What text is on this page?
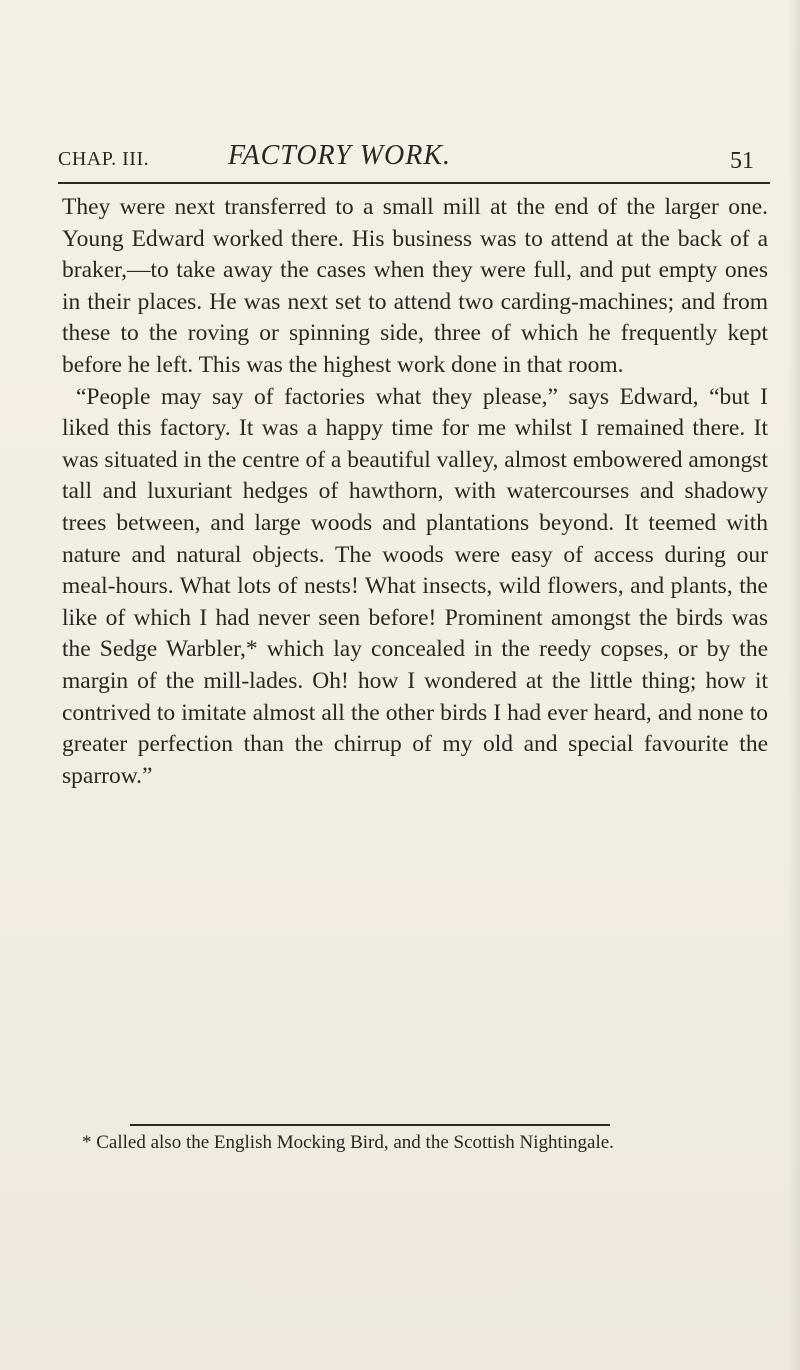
CHAP. III.	FACTORY WORK.	51

They were next transferred to a small mill at the end of the larger one. Young Edward worked there. His business was to attend at the back of a braker,—to take away the cases when they were full, and put empty ones in their places. He was next set to attend two carding-machines; and from these to the roving or spinning side, three of which he frequently kept before he left. This was the highest work done in that room.

“People may say of factories what they please,” says Edward, “but I liked this factory. It was a happy time for me whilst I remained there. It was situated in the centre of a beautiful valley, almost embowered amongst tall and luxuriant hedges of hawthorn, with watercourses and shadowy trees between, and large woods and plantations beyond. It teemed with nature and natural objects. The woods were easy of access during our meal-hours. What lots of nests! What insects, wild flowers, and plants, the like of which I had never seen before! Prominent amongst the birds was the Sedge Warbler,* which lay concealed in the reedy copses, or by the margin of the mill-lades. Oh! how I wondered at the little thing; how it contrived to imitate almost all the other birds I had ever heard, and none to greater perfection than the chirrup of my old and special favourite the sparrow.”

* Called also the English Mocking Bird, and the Scottish Nightingale.
